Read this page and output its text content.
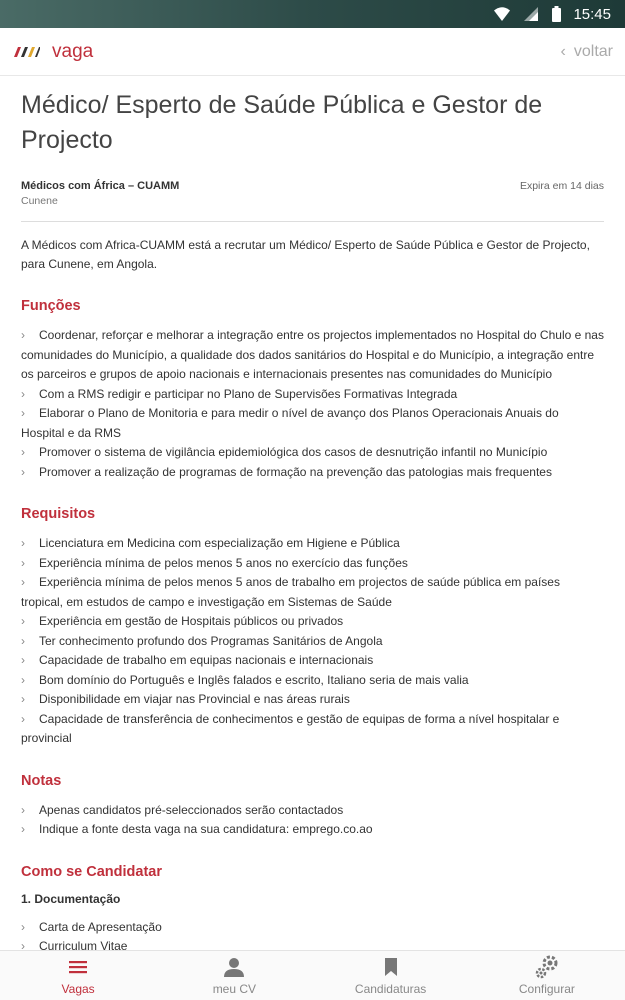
15:45
vaga	‹ voltar
Médico/ Esperto de Saúde Pública e Gestor de Projecto
Médicos com África – CUAMM
Cunene
Expira em 14 dias

A Médicos com Africa-CUAMM está a recrutar um Médico/ Esperto de Saúde Pública e Gestor de Projecto, para Cunene, em Angola.

Funções
› Coordenar, reforçar e melhorar a integração entre os projectos implementados no Hospital do Chulo e nas comunidades do Município, a qualidade dos dados sanitários do Hospital e do Município, a integração entre os parceiros e grupos de apoio nacionais e internacionais presentes nas comunidades do Município
› Com a RMS redigir e participar no Plano de Supervisões Formativas Integrada
› Elaborar o Plano de Monitoria e para medir o nível de avanço dos Planos Operacionais Anuais do Hospital e da RMS
› Promover o sistema de vigilância epidemiológica dos casos de desnutrição infantil no Município
› Promover a realização de programas de formação na prevenção das patologias mais frequentes
Requisitos
› Licenciatura em Medicina com especialização em Higiene e Pública
› Experiência mínima de pelos menos 5 anos no exercício das funções
› Experiência mínima de pelos menos 5 anos de trabalho em projectos de saúde pública em países tropical, em estudos de campo e investigação em Sistemas de Saúde
› Experiência em gestão de Hospitais públicos ou privados
› Ter conhecimento profundo dos Programas Sanitários de Angola
› Capacidade de trabalho em equipas nacionais e internacionais
› Bom domínio do Português e Inglês falados e escrito, Italiano seria de mais valia
› Disponibilidade em viajar nas Provincial e nas áreas rurais
› Capacidade de transferência de conhecimentos e gestão de equipas de forma a nível hospitalar e provincial
Notas
› Apenas candidatos pré-seleccionados serão contactados
› Indique a fonte desta vaga na sua candidatura: emprego.co.ao
Como se Candidatar
1. Documentação
› Carta de Apresentação
› Curriculum Vitae
Vagas	meu CV	Candidaturas	Configurar
